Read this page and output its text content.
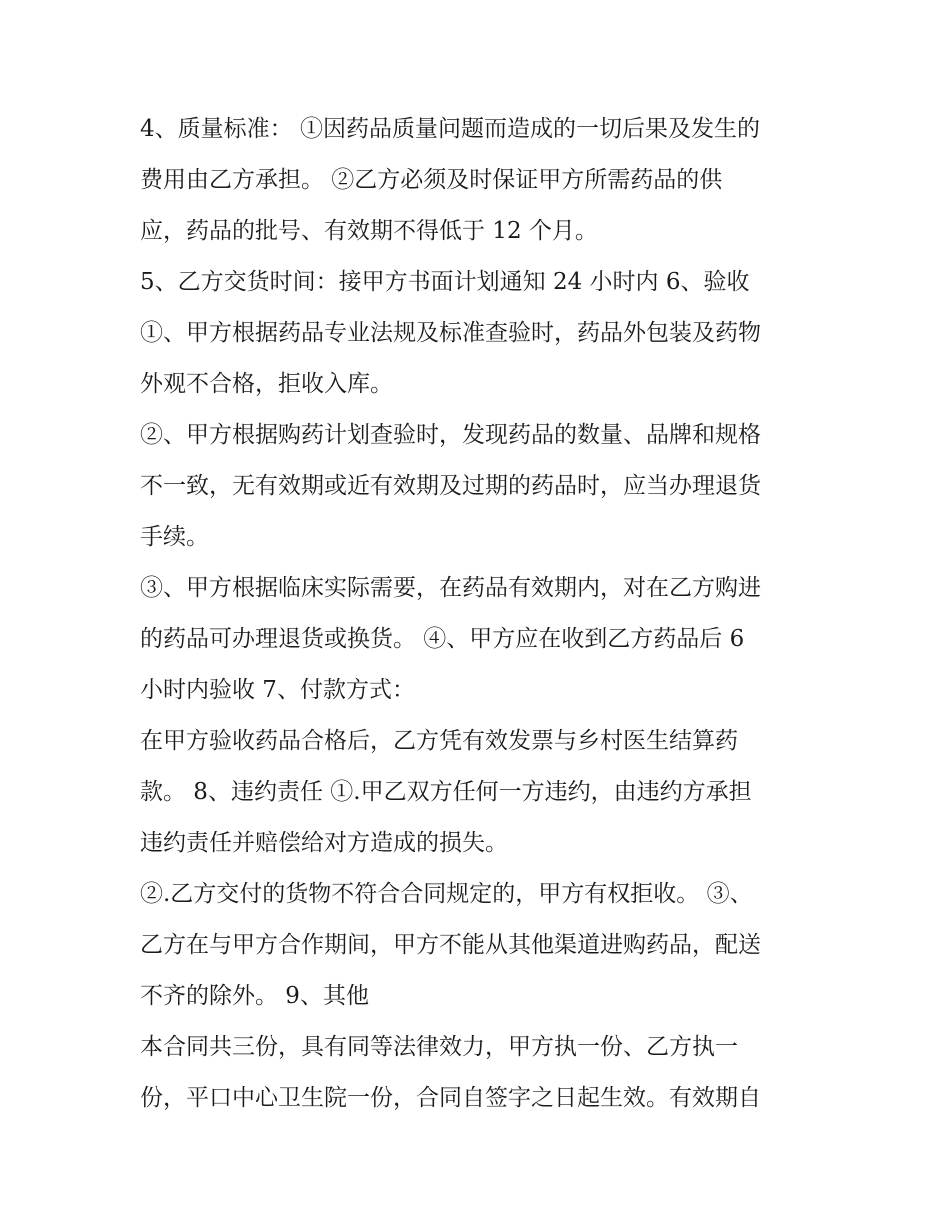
4、质量标准： ①因药品质量问题而造成的一切后果及发生的
费用由乙方承担。 ②乙方必须及时保证甲方所需药品的供
应，药品的批号、有效期不得低于 12 个月。
5、乙方交货时间：接甲方书面计划通知 24 小时内 6、验收
①、甲方根据药品专业法规及标准查验时，药品外包装及药物
外观不合格，拒收入库。
②、甲方根据购药计划查验时，发现药品的数量、品牌和规格
不一致，无有效期或近有效期及过期的药品时，应当办理退货
手续。
③、甲方根据临床实际需要，在药品有效期内，对在乙方购进
的药品可办理退货或换货。 ④、甲方应在收到乙方药品后 6
小时内验收 7、付款方式：
在甲方验收药品合格后，乙方凭有效发票与乡村医生结算药
款。 8、违约责任 ①.甲乙双方任何一方违约，由违约方承担
违约责任并赔偿给对方造成的损失。
②.乙方交付的货物不符合合同规定的，甲方有权拒收。 ③、
乙方在与甲方合作期间，甲方不能从其他渠道进购药品，配送
不齐的除外。 9、其他
本合同共三份，具有同等法律效力，甲方执一份、乙方执一
份，平口中心卫生院一份，合同自签字之日起生效。有效期自
